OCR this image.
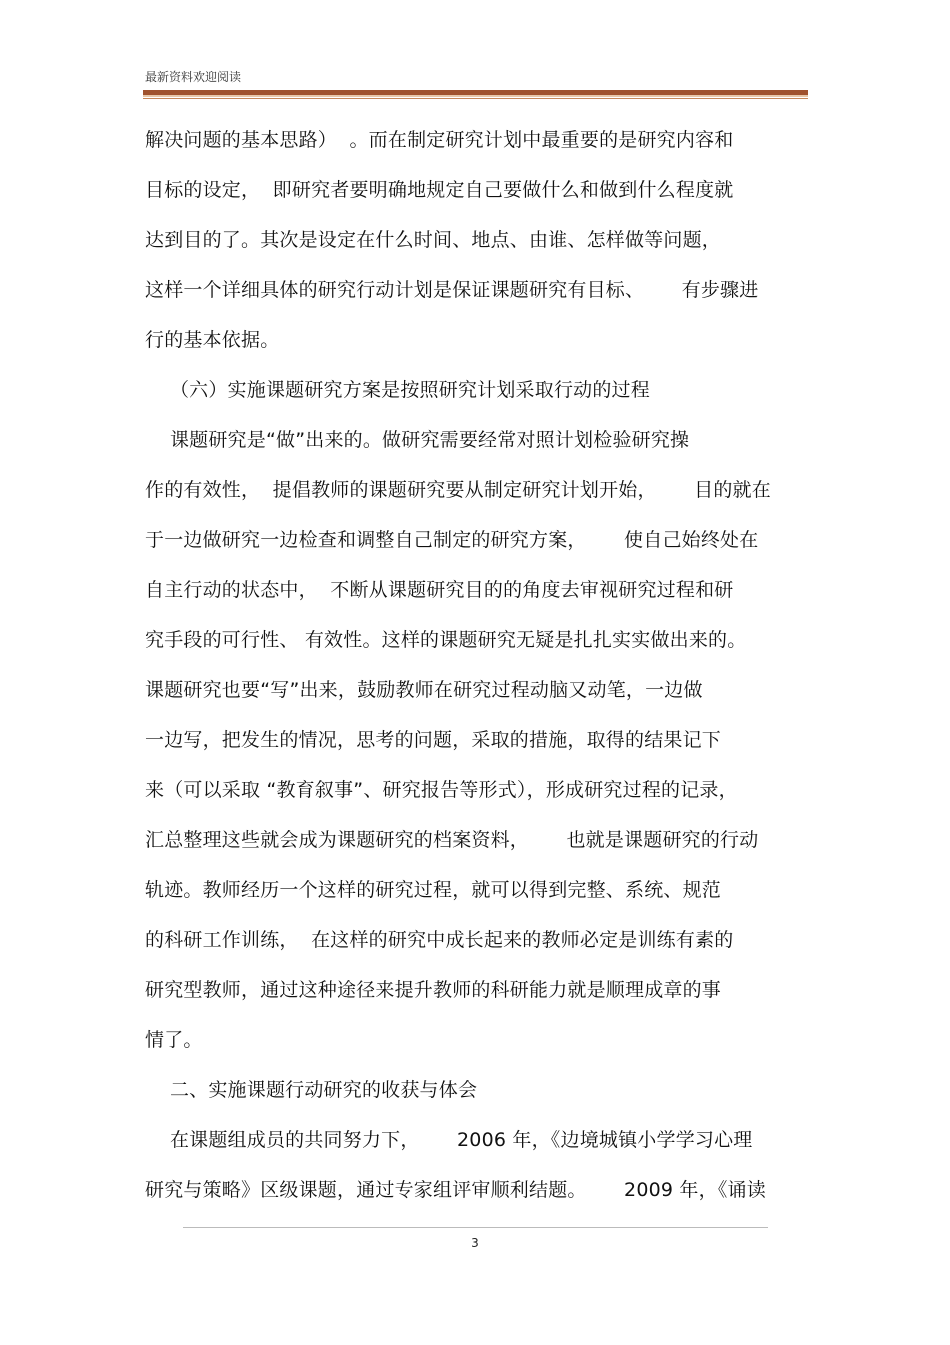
最新资料欢迎阅读
解决问题的基本思路）  。而在制定研究计划中最重要的是研究内容和
目标的设定，  即研究者要明确地规定自己要做什么和做到什么程度就
达到目的了。其次是设定在什么时间、地点、由谁、怎样做等问题，
这样一个详细具体的研究行动计划是保证课题研究有目标、      有步骤进
行的基本依据。
（六）实施课题研究方案是按照研究计划采取行动的过程
课题研究是“做”出来的。做研究需要经常对照计划检验研究操
作的有效性，  提倡教师的课题研究要从制定研究计划开始，      目的就在
于一边做研究一边检查和调整自己制定的研究方案，      使自己始终处在
自主行动的状态中，  不断从课题研究目的的角度去审视研究过程和研
究手段的可行性、 有效性。这样的课题研究无疑是扎扎实实做出来的。
课题研究也要“写”出来，鼓励教师在研究过程动脑又动笔，一边做
一边写，把发生的情况，思考的问题，采取的措施，取得的结果记下
来（可以采取 “教育叙事”、研究报告等形式），形成研究过程的记录，
汇总整理这些就会成为课题研究的档案资料，      也就是课题研究的行动
轨迹。教师经历一个这样的研究过程，就可以得到完整、系统、规范
的科研工作训练，  在这样的研究中成长起来的教师必定是训练有素的
研究型教师，通过这种途径来提升教师的科研能力就是顺理成章的事
情了。
二、实施课题行动研究的收获与体会
在课题组成员的共同努力下，      2006 年，《边境城镇小学学习心理
研究与策略》区级课题，通过专家组评审顺利结题。      2009 年，《诵读
3
